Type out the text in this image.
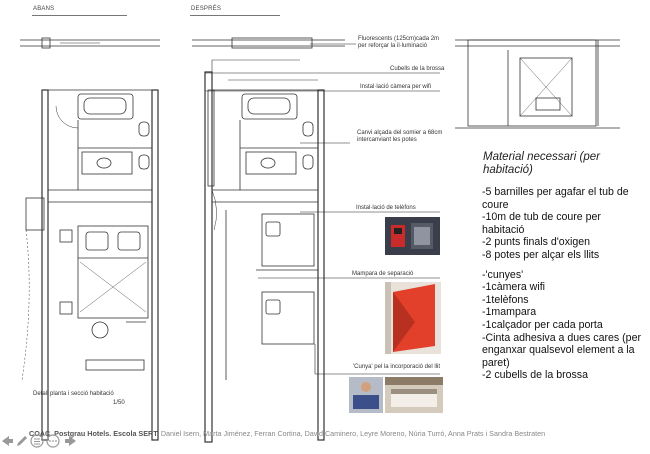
ABANS	DESPRÉS
Fluorescents (125cm)cada 2m per reforçar la il·luminació
Cubells de la brossa
Instal·lació càmera per wifi
Canvi alçada del somier a 68cm intercanviant les potes
Instal·lació de telèfons
Mampara de separació
'Cunya' pel la incorporació del llit
Material necessari (per habitació)
-5 barnilles per agafar el tub de coure
-10m de tub de coure per habitació
-2 punts finals d'oxigen
-8 potes per alçar els llits
-'cunyes'
-1càmera wifi
-1telèfons
-1mampara
-1calçador per cada porta
-Cinta adhesiva a dues cares (per enganxar qualsevol element a la paret)
-2 cubells de la brossa
Detall planta i secció habitació
1/50
COAC. Postgrau Hotels. Escola SERT. Daniel Isern, Marta Jiménez, Ferran Cortina, David Caminero, Leyre Moreno, Núria Turró, Anna Prats i Sandra Bestraten
